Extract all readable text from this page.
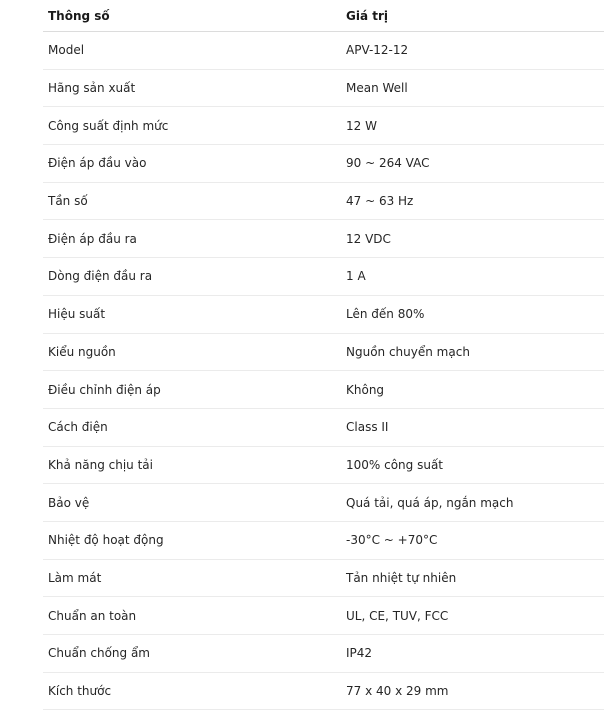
Thông số	Giá trị
Model	APV-12-12
Hãng sản xuất	Mean Well
Công suất định mức	12 W
Điện áp đầu vào	90 ~ 264 VAC
Tần số	47 ~ 63 Hz
Điện áp đầu ra	12 VDC
Dòng điện đầu ra	1 A
Hiệu suất	Lên đến 80%
Kiểu nguồn	Nguồn chuyển mạch
Điều chỉnh điện áp	Không
Cách điện	Class II
Khả năng chịu tải	100% công suất
Bảo vệ	Quá tải, quá áp, ngắn mạch
Nhiệt độ hoạt động	-30°C ~ +70°C
Làm mát	Tản nhiệt tự nhiên
Chuẩn an toàn	UL, CE, TUV, FCC
Chuẩn chống ẩm	IP42
Kích thước	77 x 40 x 29 mm
